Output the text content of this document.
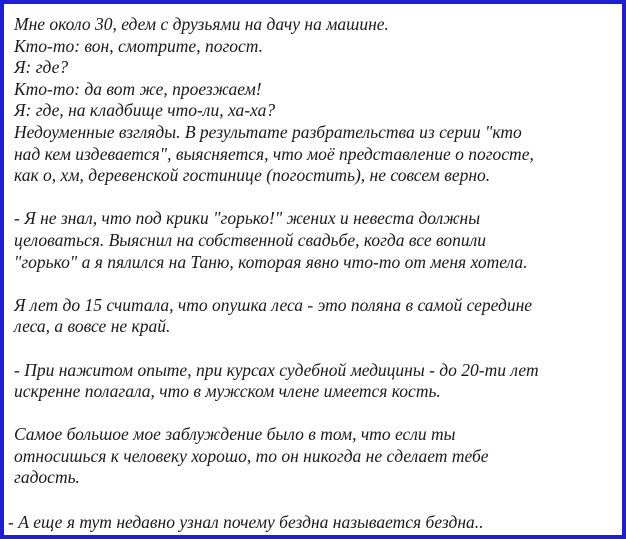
Мне около 30, едем с друзьями на дачу на машине.
Кто-то: вон, смотрите, погост.
Я: где?
Кто-то: да вот же, проезжаем!
Я: где, на кладбище что-ли, ха-ха?
Недоуменные взгляды. В результате разбрательства из серии "кто
над кем издевается", выясняется, что моё представление о погосте,
как о, хм, деревенской гостинице (погостить), не совсем верно.
- Я не знал, что под крики "горько!" жених и невеста должны
целоваться. Выяснил на собственной свадьбе, когда все вопили
"горько" а я пялился на Таню, которая явно что-то от меня хотела.
Я лет до 15 считала, что опушка леса - это поляна в самой середине
леса, а вовсе не край.
- При нажитом опыте, при курсах судебной медицины - до 20-ти лет
искренне полагала, что в мужском члене имеется кость.
Самое большое мое заблуждение было в том, что если ты
относишься к человеку хорошо, то он никогда не сделает тебе
гадость.
- А еще я тут недавно узнал почему бездна называется бездна..
